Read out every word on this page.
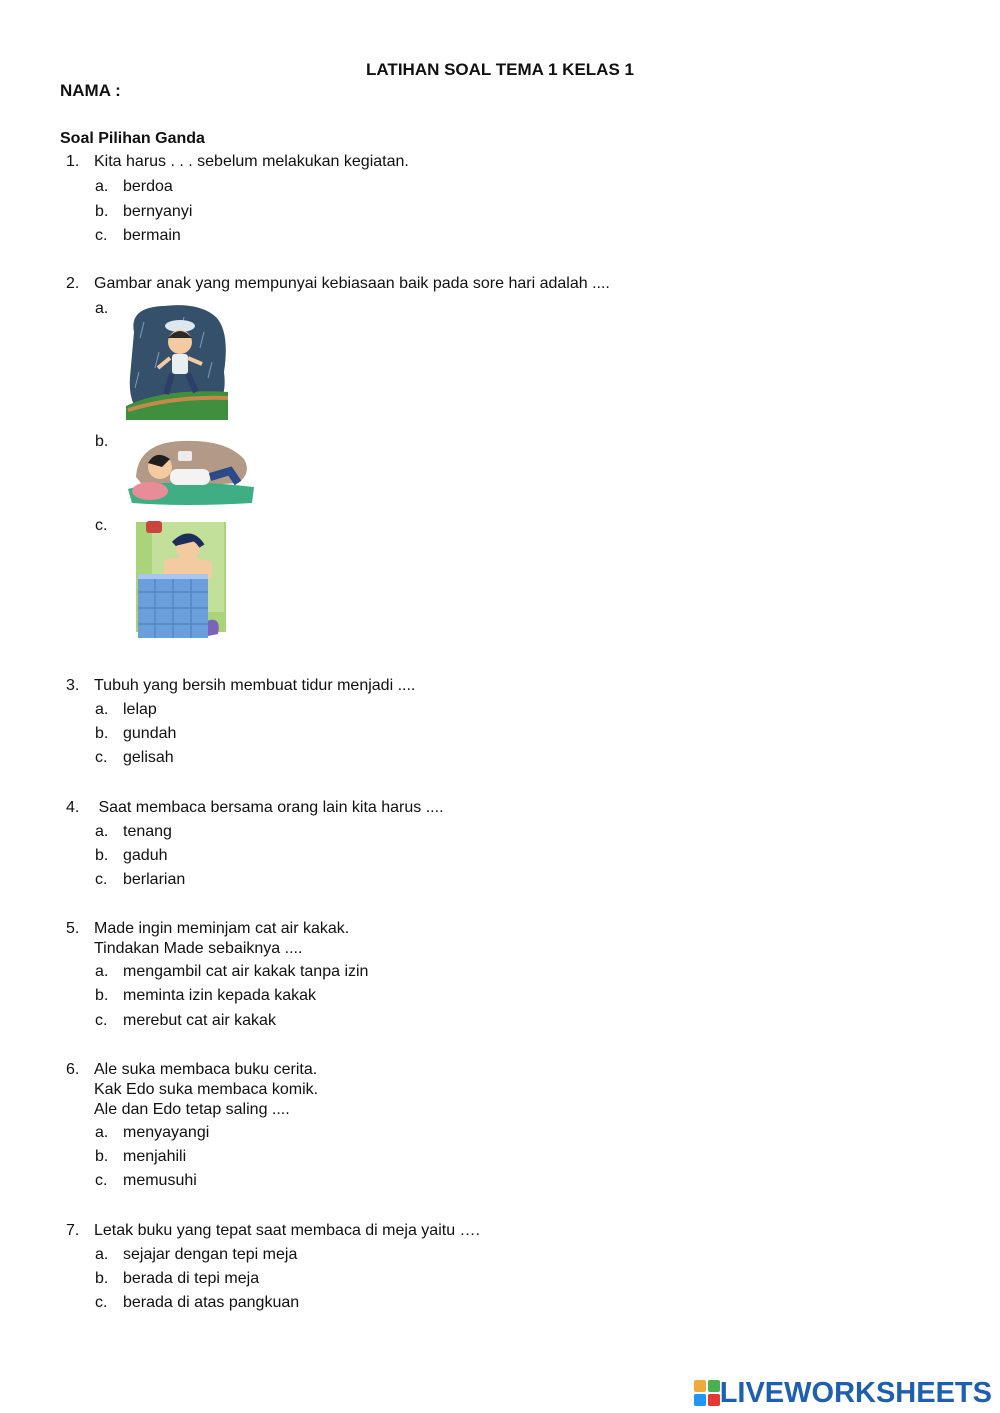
LATIHAN SOAL TEMA 1 KELAS 1
NAMA :
Soal Pilihan Ganda
1. Kita harus . . . sebelum melakukan kegiatan.
a. berdoa
b. bernyanyi
c. bermain
2. Gambar anak yang mempunyai kebiasaan baik pada sore hari adalah ....
a.
b.
c.
3. Tubuh yang bersih membuat tidur menjadi ....
a. lelap
b. gundah
c. gelisah
4. Saat membaca bersama orang lain kita harus ....
a. tenang
b. gaduh
c. berlarian
5. Made ingin meminjam cat air kakak.
Tindakan Made sebaiknya ....
a. mengambil cat air kakak tanpa izin
b. meminta izin kepada kakak
c. merebut cat air kakak
6. Ale suka membaca buku cerita.
Kak Edo suka membaca komik.
Ale dan Edo tetap saling ....
a. menyayangi
b. menjahili
c. memusuhi
7. Letak buku yang tepat saat membaca di meja yaitu ….
a. sejajar dengan tepi meja
b. berada di tepi meja
c. berada di atas pangkuan
LIVEWORKSHEETS
